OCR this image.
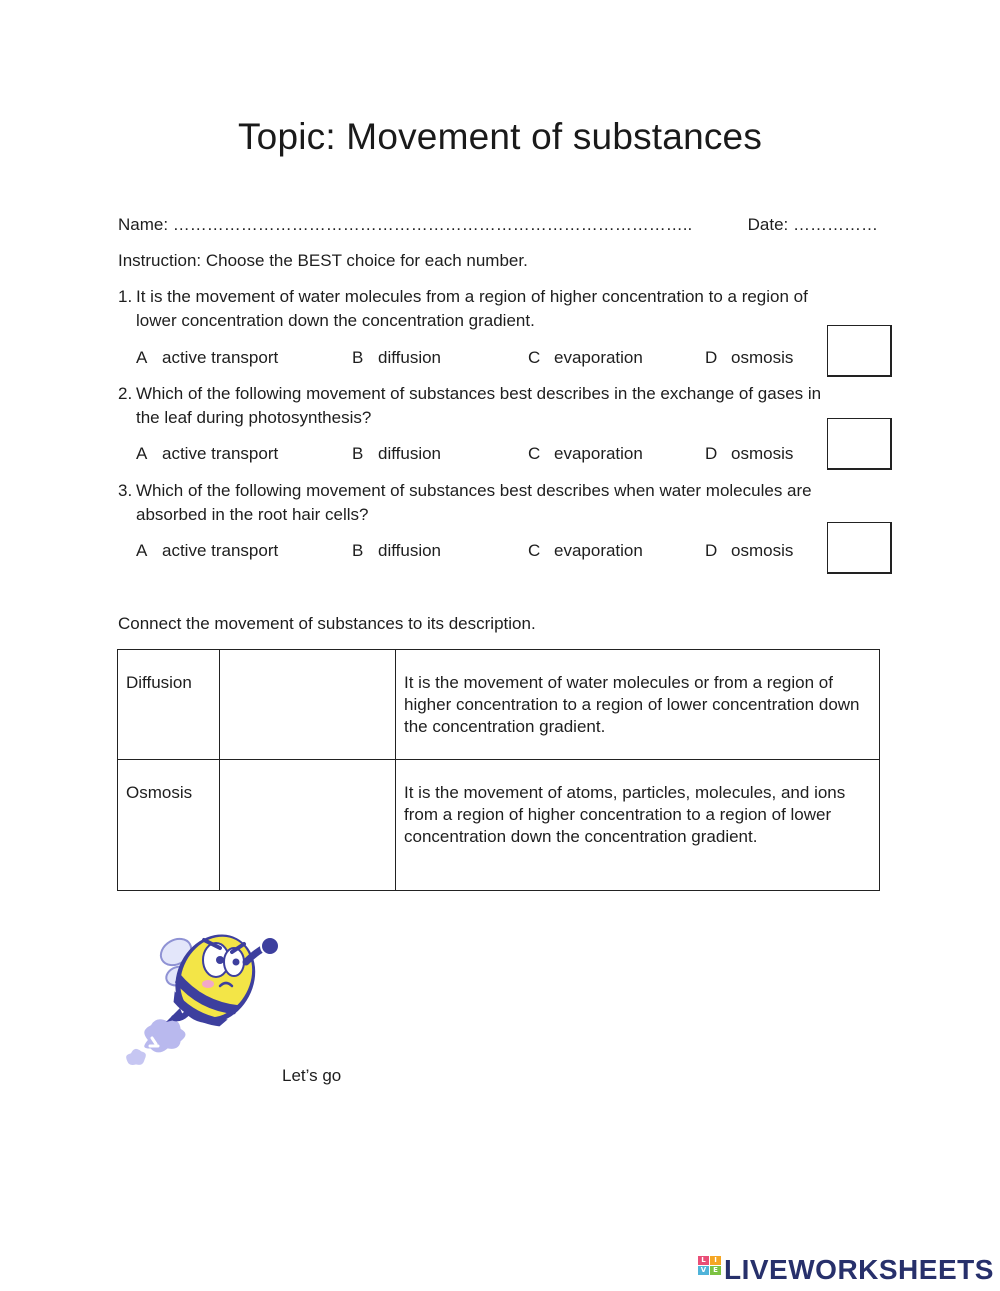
Topic: Movement of substances
Name: ………………………………………………………………………………..	Date: ……………
Instruction: Choose the BEST choice for each number.
1. It is the movement of water molecules from a region of higher concentration to a region of
lower concentration down the concentration gradient.
A active transport	B diffusion	C evaporation	D osmosis
2. Which of the following movement of substances best describes in the exchange of gases in
the leaf during photosynthesis?
A active transport	B diffusion	C evaporation	D osmosis
3. Which of the following movement of substances best describes when water molecules are
absorbed in the root hair cells?
A active transport	B diffusion	C evaporation	D osmosis
Connect the movement of substances to its description.
Diffusion		It is the movement of water molecules or from a region of higher concentration to a region of lower concentration down the concentration gradient.
Osmosis		It is the movement of atoms, particles, molecules, and ions from a region of higher concentration to a region of lower concentration down the concentration gradient.
Let’s go
L	I
V E LIVEWORKSHEETS
